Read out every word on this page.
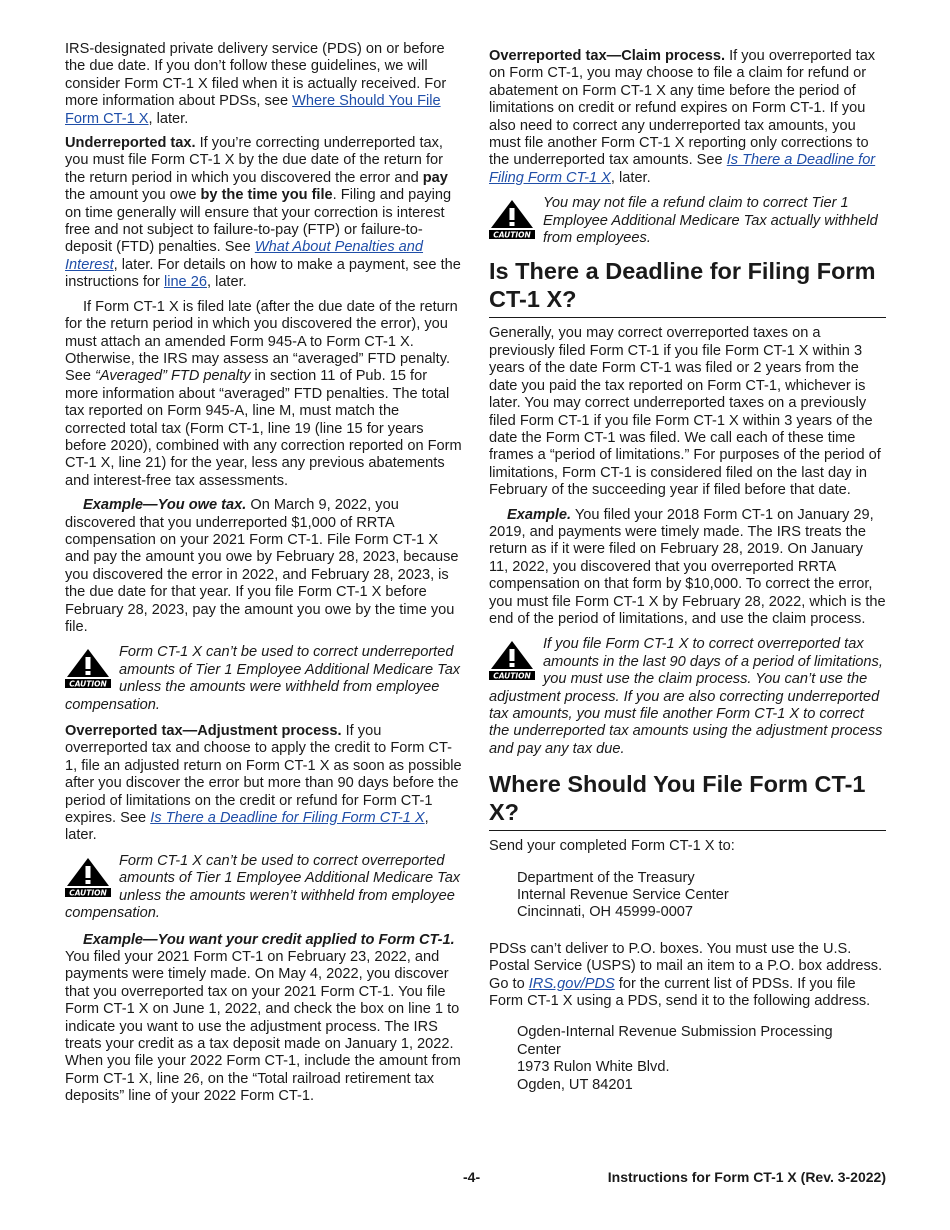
IRS-designated private delivery service (PDS) on or before the due date. If you don’t follow these guidelines, we will consider Form CT-1 X filed when it is actually received. For more information about PDSs, see Where Should You File Form CT-1 X, later.

Underreported tax. If you’re correcting underreported tax, you must file Form CT-1 X by the due date of the return for the return period in which you discovered the error and pay the amount you owe by the time you file. Filing and paying on time generally will ensure that your correction is interest free and not subject to failure-to-pay (FTP) or failure-to-deposit (FTD) penalties. See What About Penalties and Interest, later. For details on how to make a payment, see the instructions for line 26, later.

If Form CT-1 X is filed late (after the due date of the return for the return period in which you discovered the error), you must attach an amended Form 945-A to Form CT-1 X. Otherwise, the IRS may assess an “averaged” FTD penalty. See “Averaged” FTD penalty in section 11 of Pub. 15 for more information about “averaged” FTD penalties. The total tax reported on Form 945-A, line M, must match the corrected total tax (Form CT-1, line 19 (line 15 for years before 2020), combined with any correction reported on Form CT-1 X, line 21) for the year, less any previous abatements and interest-free tax assessments.

Example—You owe tax. On March 9, 2022, you discovered that you underreported $1,000 of RRTA compensation on your 2021 Form CT-1. File Form CT-1 X and pay the amount you owe by February 28, 2023, because you discovered the error in 2022, and February 28, 2023, is the due date for that year. If you file Form CT-1 X before February 28, 2023, pay the amount you owe by the time you file.

CAUTION
Form CT-1 X can’t be used to correct underreported amounts of Tier 1 Employee Additional Medicare Tax unless the amounts were withheld from employee compensation.

Overreported tax—Adjustment process. If you overreported tax and choose to apply the credit to Form CT-1, file an adjusted return on Form CT-1 X as soon as possible after you discover the error but more than 90 days before the period of limitations on the credit or refund for Form CT-1 expires. See Is There a Deadline for Filing Form CT-1 X, later.

CAUTION
Form CT-1 X can’t be used to correct overreported amounts of Tier 1 Employee Additional Medicare Tax unless the amounts weren’t withheld from employee compensation.

Example—You want your credit applied to Form CT-1. You filed your 2021 Form CT-1 on February 23, 2022, and payments were timely made. On May 4, 2022, you discover that you overreported tax on your 2021 Form CT-1. You file Form CT-1 X on June 1, 2022, and check the box on line 1 to indicate you want to use the adjustment process. The IRS treats your credit as a tax deposit made on January 1, 2022. When you file your 2022 Form CT-1, include the amount from Form CT-1 X, line 26, on the “Total railroad retirement tax deposits” line of your 2022 Form CT-1.

Overreported tax—Claim process. If you overreported tax on Form CT-1, you may choose to file a claim for refund or abatement on Form CT-1 X any time before the period of limitations on credit or refund expires on Form CT-1. If you also need to correct any underreported tax amounts, you must file another Form CT-1 X reporting only corrections to the underreported tax amounts. See Is There a Deadline for Filing Form CT-1 X, later.

CAUTION
You may not file a refund claim to correct Tier 1 Employee Additional Medicare Tax actually withheld from employees.
Is There a Deadline for Filing Form CT-1 X?

Generally, you may correct overreported taxes on a previously filed Form CT-1 if you file Form CT-1 X within 3 years of the date Form CT-1 was filed or 2 years from the date you paid the tax reported on Form CT-1, whichever is later. You may correct underreported taxes on a previously filed Form CT-1 if you file Form CT-1 X within 3 years of the date the Form CT-1 was filed. We call each of these time frames a “period of limitations.” For purposes of the period of limitations, Form CT-1 is considered filed on the last day in February of the succeeding year if filed before that date.

Example. You filed your 2018 Form CT-1 on January 29, 2019, and payments were timely made. The IRS treats the return as if it were filed on February 28, 2019. On January 11, 2022, you discovered that you overreported RRTA compensation on that form by $10,000. To correct the error, you must file Form CT-1 X by February 28, 2022, which is the end of the period of limitations, and use the claim process.

CAUTION
If you file Form CT-1 X to correct overreported tax amounts in the last 90 days of a period of limitations, you must use the claim process. You can’t use the adjustment process. If you are also correcting underreported tax amounts, you must file another Form CT-1 X to correct the underreported tax amounts using the adjustment process and pay any tax due.
Where Should You File Form CT-1 X?

Send your completed Form CT-1 X to:

Department of the Treasury
Internal Revenue Service Center
Cincinnati, OH 45999-0007

PDSs can’t deliver to P.O. boxes. You must use the U.S. Postal Service (USPS) to mail an item to a P.O. box address. Go to IRS.gov/PDS for the current list of PDSs. If you file Form CT-1 X using a PDS, send it to the following address.

Ogden-Internal Revenue Submission Processing Center
1973 Rulon White Blvd.
Ogden, UT 84201
-4-	Instructions for Form CT-1 X (Rev. 3-2022)
